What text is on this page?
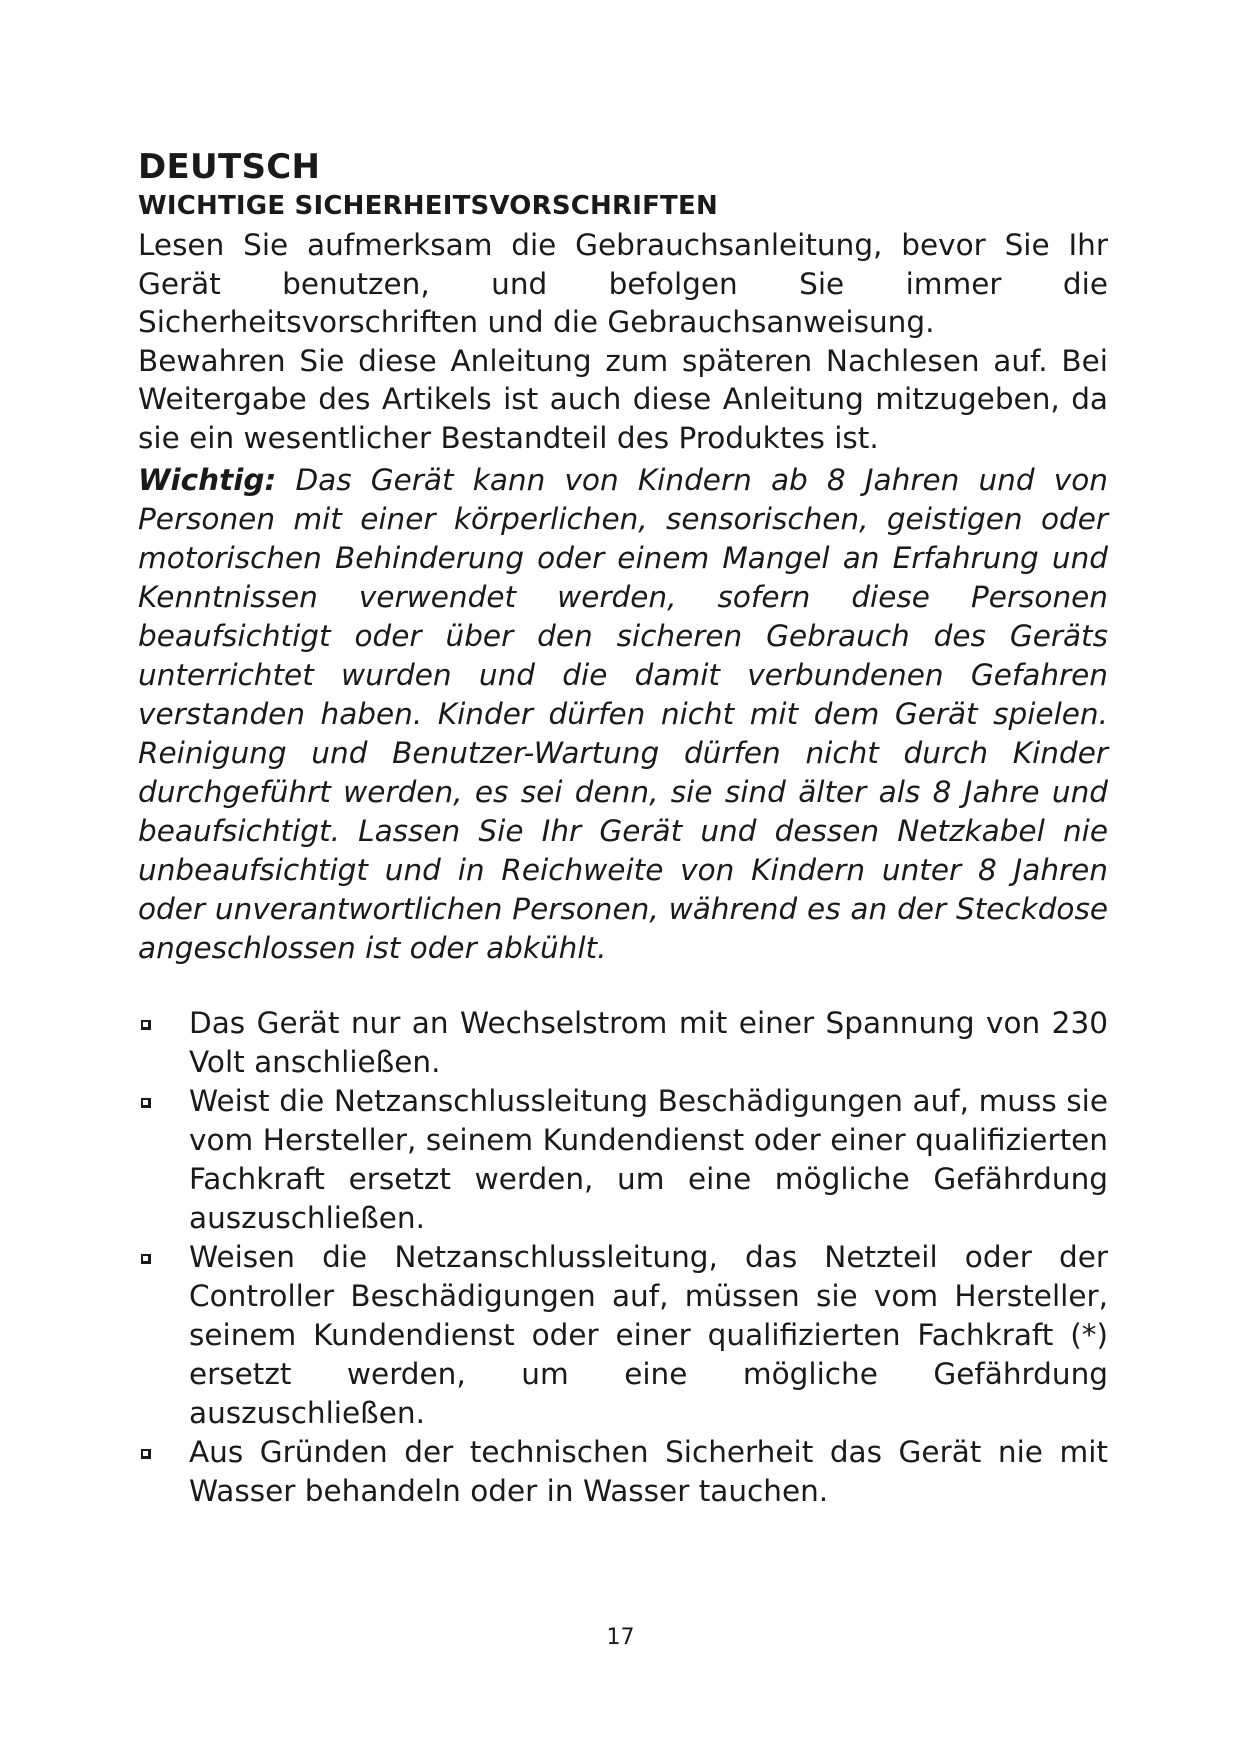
DEUTSCH
WICHTIGE SICHERHEITSVORSCHRIFTEN

Lesen Sie aufmerksam die Gebrauchsanleitung, bevor Sie Ihr Gerät benutzen, und befolgen Sie immer die Sicherheitsvorschriften und die Gebrauchsanweisung.

Bewahren Sie diese Anleitung zum späteren Nachlesen auf. Bei Weitergabe des Artikels ist auch diese Anleitung mitzugeben, da sie ein wesentlicher Bestandteil des Produktes ist.

Wichtig: Das Gerät kann von Kindern ab 8 Jahren und von Personen mit einer körperlichen, sensorischen, geistigen oder motorischen Behinderung oder einem Mangel an Erfahrung und Kenntnissen verwendet werden, sofern diese Personen beaufsichtigt oder über den sicheren Gebrauch des Geräts unterrichtet wurden und die damit verbundenen Gefahren verstanden haben. Kinder dürfen nicht mit dem Gerät spielen. Reinigung und Benutzer-Wartung dürfen nicht durch Kinder durchgeführt werden, es sei denn, sie sind älter als 8 Jahre und beaufsichtigt. Lassen Sie Ihr Gerät und dessen Netzkabel nie unbeaufsichtigt und in Reichweite von Kindern unter 8 Jahren oder unverantwortlichen Personen, während es an der Steckdose angeschlossen ist oder abkühlt.

Das Gerät nur an Wechselstrom mit einer Spannung von 230 Volt anschließen.
Weist die Netzanschlussleitung Beschädigungen auf, muss sie vom Hersteller, seinem Kundendienst oder einer qualifizierten Fachkraft ersetzt werden, um eine mögliche Gefährdung auszuschließen.
Weisen die Netzanschlussleitung, das Netzteil oder der Controller Beschädigungen auf, müssen sie vom Hersteller, seinem Kundendienst oder einer qualifizierten Fachkraft (*) ersetzt werden, um eine mögliche Gefährdung auszuschließen.
Aus Gründen der technischen Sicherheit das Gerät nie mit Wasser behandeln oder in Wasser tauchen.
17
